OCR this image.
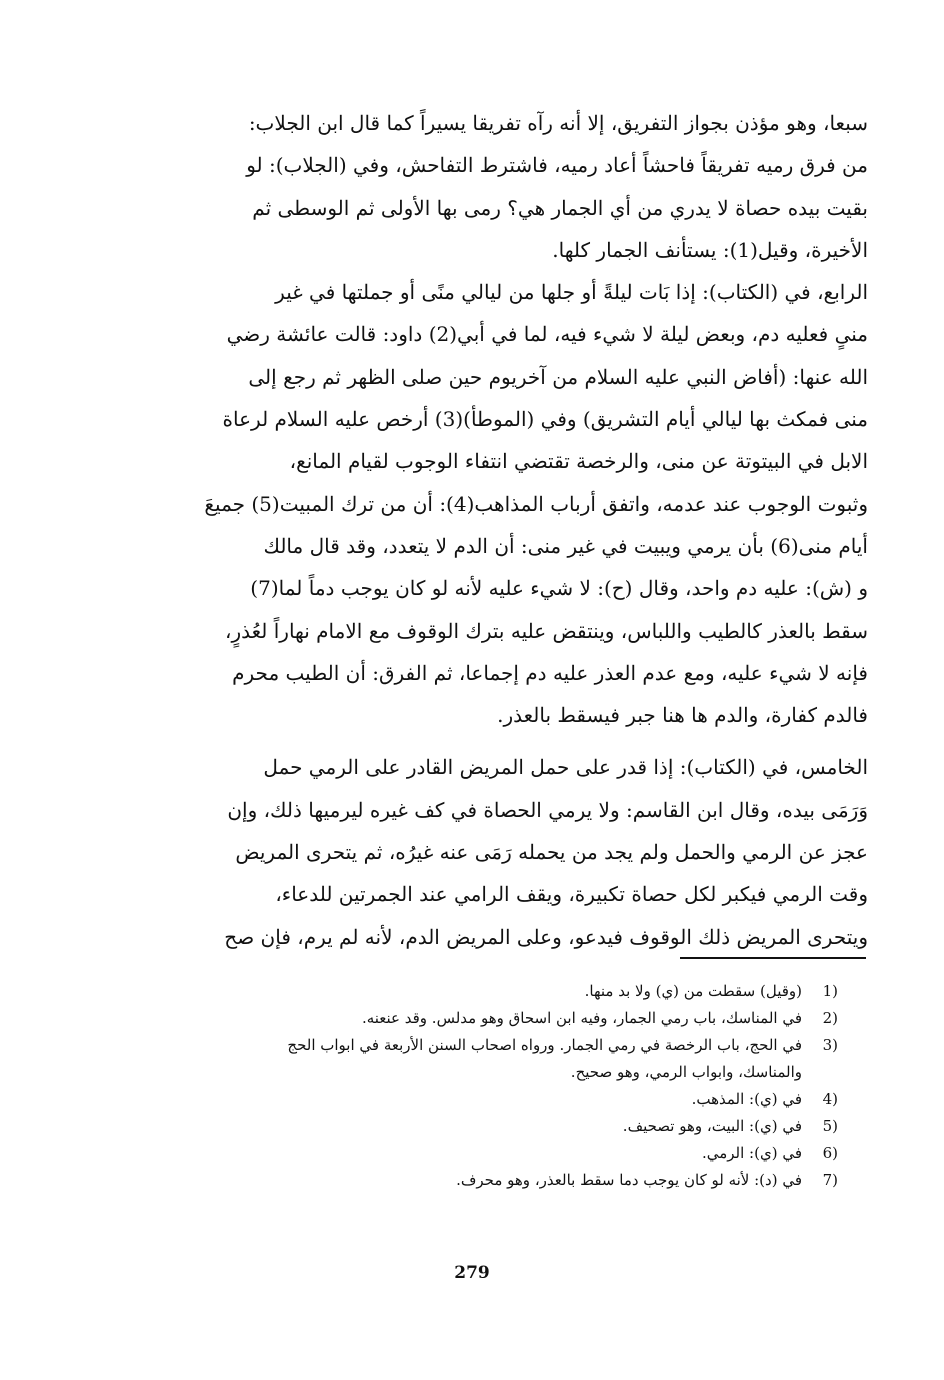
سبعا، وهو مؤذن بجواز التفريق، إلا أنه رآه تفريقا يسيراً كما قال ابن الجلاب:
من فرق رميه تفريقاً فاحشاً أعاد رميه، فاشترط التفاحش، وفي (الجلاب): لو
بقيت بيده حصاة لا يدري من أي الجمار هي؟ رمى بها الأولى ثم الوسطى ثم
الأخيرة، وقيل(1): يستأنف الجمار كلها.
الرابع، في (الكتاب): إذا بَات ليلةً أو جلها من ليالي منًى أو جملتها في غير
منىٍ فعليه دم، وبعض ليلة لا شيء فيه، لما في أبي(2) داود: قالت عائشة رضي
الله عنها: (أفاض النبي عليه السلام من آخريوم حين صلى الظهر ثم رجع إلى
منى فمكث بها ليالي أيام التشريق) وفي (الموطأ)(3) أرخص عليه السلام لرعاة
الابل في البيتوتة عن منى، والرخصة تقتضي انتفاء الوجوب لقيام المانع،
وثبوت الوجوب عند عدمه، واتفق أرباب المذاهب(4): أن من ترك المبيت(5) جميعَ
أيام منى(6) بأن يرمي ويبيت في غير منى: أن الدم لا يتعدد، وقد قال مالك
و (ش): عليه دم واحد، وقال (ح): لا شيء عليه لأنه لو كان يوجب دماً لما(7)
سقط بالعذر كالطيب واللباس، وينتقض عليه بترك الوقوف مع الامام نهاراً لعُذرٍ،
فإنه لا شيء عليه، ومع عدم العذر عليه دم إجماعا، ثم الفرق: أن الطيب محرم
فالدم كفارة، والدم ها هنا جبر فيسقط بالعذر.
الخامس، في (الكتاب): إذا قدر على حمل المريض القادر على الرمي حمل
وَرَمَى بيده، وقال ابن القاسم: ولا يرمي الحصاة في كف غيره ليرميها ذلك، وإن
عجز عن الرمي والحمل ولم يجد من يحمله رَمَى عنه غيرُه، ثم يتحرى المريض
وقت الرمي فيكبر لكل حصاة تكبيرة، ويقف الرامي عند الجمرتين للدعاء،
ويتحرى المريض ذلك الوقوف فيدعو، وعلى المريض الدم، لأنه لم يرم، فإن صح
1)
(وقيل) سقطت من (ي) ولا بد منها.
2)
في المناسك، باب رمي الجمار، وفيه ابن اسحاق وهو مدلس. وقد عنعنه.
3)
في الحج، باب الرخصة في رمي الجمار. ورواه اصحاب السنن الأربعة في ابواب الحج
والمناسك، وابواب الرمي، وهو صحيح.
4)
في (ي): المذهب.
5)
في (ي): البيت، وهو تصحيف.
6)
في (ي): الرمي.
7)
في (د): لأنه لو كان يوجب دما سقط بالعذر، وهو محرف.
279
